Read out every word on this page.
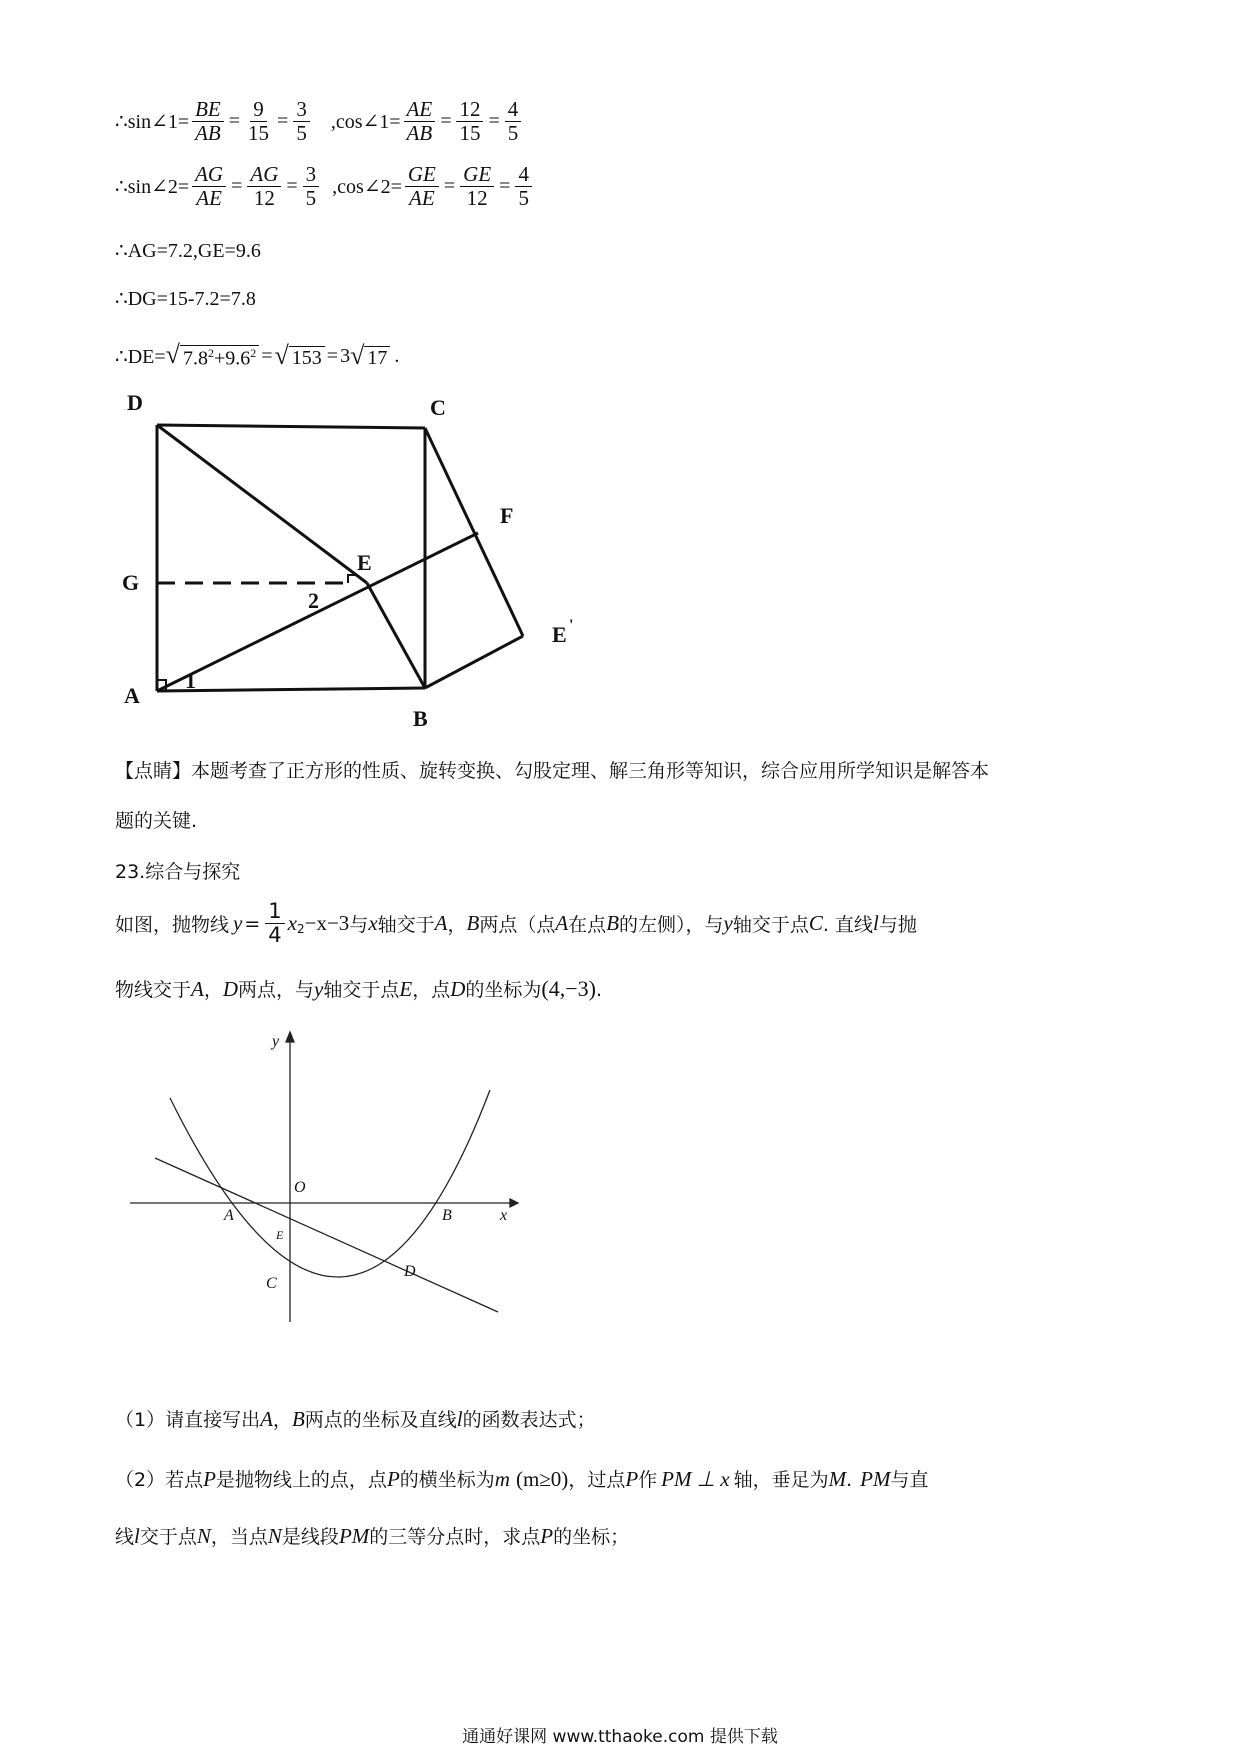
∴sin∠1= $\frac{BE}{AB} = \frac{9}{15} = \frac{3}{5}$ ,cos∠1= $\frac{AE}{AB} = \frac{12}{15} = \frac{4}{5}$
∴sin∠2= $\frac{AG}{AE} = \frac{AG}{12} = \frac{3}{5}$ ,cos∠2= $\frac{GE}{AE} = \frac{GE}{12} = \frac{4}{5}$
∴AG=7.2,GE=9.6
∴DG=15-7.2=7.8
∴DE= √ $7.8^2+9.6^2$ = √ 153 = 3 √ 17 .
D	C
F
E
G
2
E '
A
1
B
【点睛】本题考查了正方形的性质、旋转变换、勾股定理、解三角形等知识，综合应用所学知识是解答本
题的关键.
23.综合与探究
如图，抛物线 $y = \frac{1}{4} x_2 -x-3$ 与 x 轴交于 A ， B 两点（点 A 在点 B 的左侧），与 y 轴交于点 C . 直线 l 与抛
物线交于A，D两点，与y轴交于点E，点D的坐标为(4,−3).
y
O
x
A	B
E
C
D
（1）请直接写出A，B两点的坐标及直线l的函数表达式；
（2）若点P是抛物线上的点，点P的横坐标为m (m≥0)，过点P作 PM ⊥ x 轴，垂足为M. PM与直
线l交于点N，当点N是线段PM的三等分点时，求点P的坐标；
通通好课网 www.tthaoke.com 提供下载
